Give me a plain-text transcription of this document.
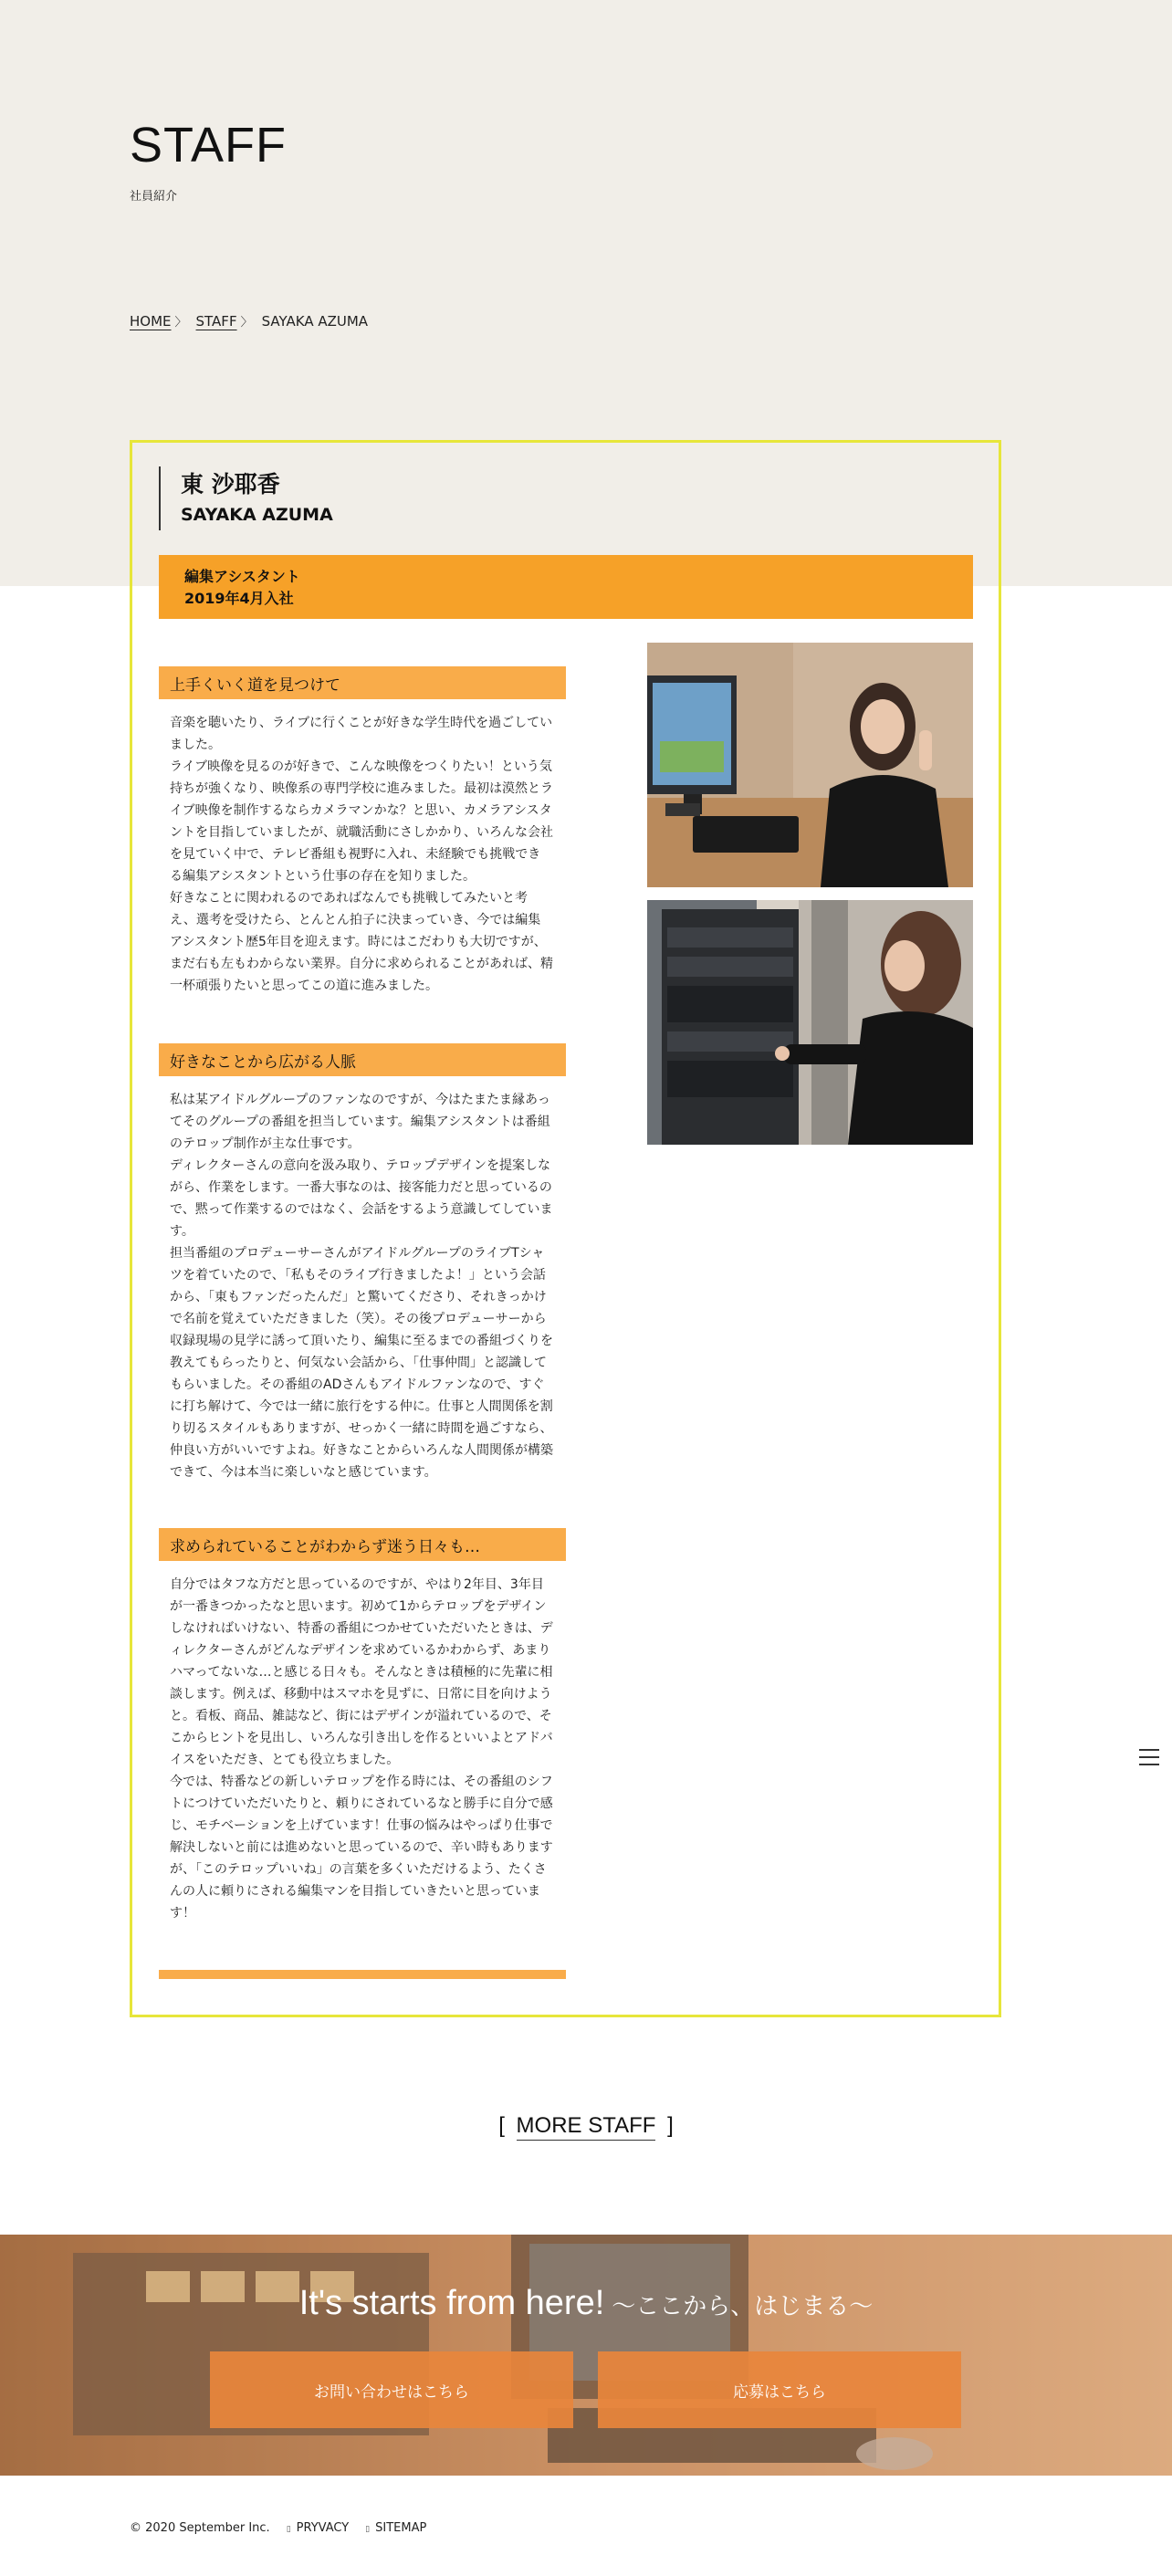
STAFF
社員紹介
HOME 〉 STAFF 〉 SAYAKA AZUMA
東 沙耶香
SAYAKA AZUMA
編集アシスタント
2019年4月入社
上手くいく道を見つけて
音楽を聴いたり、ライブに行くことが好きな学生時代を過ごしていました。
ライブ映像を見るのが好きで、こんな映像をつくりたい！という気持ちが強くなり、映像系の専門学校に進みました。最初は漠然とライブ映像を制作するならカメラマンかな？と思い、カメラアシスタントを目指していましたが、就職活動にさしかかり、いろんな会社を見ていく中で、テレビ番組も視野に入れ、未経験でも挑戦できる編集アシスタントという仕事の存在を知りました。
好きなことに関われるのであればなんでも挑戦してみたいと考え、選考を受けたら、とんとん拍子に決まっていき、今では編集アシスタント歴5年目を迎えます。時にはこだわりも大切ですが、まだ右も左もわからない業界。自分に求められることがあれば、精一杯頑張りたいと思ってこの道に進みました。
好きなことから広がる人脈
私は某アイドルグループのファンなのですが、今はたまたま縁あってそのグループの番組を担当しています。編集アシスタントは番組のテロップ制作が主な仕事です。
ディレクターさんの意向を汲み取り、テロップデザインを提案しながら、作業をします。一番大事なのは、接客能力だと思っているので、黙って作業するのではなく、会話をするよう意識してしています。
担当番組のプロデューサーさんがアイドルグループのライブTシャツを着ていたので、「私もそのライブ行きましたよ！」という会話から、「東もファンだったんだ」と驚いてくださり、それきっかけで名前を覚えていただきました（笑）。その後プロデューサーから収録現場の見学に誘って頂いたり、編集に至るまでの番組づくりを教えてもらったりと、何気ない会話から、「仕事仲間」と認識してもらいました。その番組のADさんもアイドルファンなので、すぐに打ち解けて、今では一緒に旅行をする仲に。仕事と人間関係を割り切るスタイルもありますが、せっかく一緒に時間を過ごすなら、仲良い方がいいですよね。好きなことからいろんな人間関係が構築できて、今は本当に楽しいなと感じています。
求められていることがわからず迷う日々も…
自分ではタフな方だと思っているのですが、やはり2年目、3年目が一番きつかったなと思います。初めて1からテロップをデザインしなければいけない、特番の番組につかせていただいたときは、ディレクターさんがどんなデザインを求めているかわからず、あまりハマってないな…と感じる日々も。そんなときは積極的に先輩に相談します。例えば、移動中はスマホを見ずに、日常に目を向けようと。看板、商品、雑誌など、街にはデザインが溢れているので、そこからヒントを見出し、いろんな引き出しを作るといいよとアドバイスをいただき、とても役立ちました。
今では、特番などの新しいテロップを作る時には、その番組のシフトにつけていただいたりと、頼りにされているなと勝手に自分で感じ、モチベーションを上げています！仕事の悩みはやっぱり仕事で解決しないと前には進めないと思っているので、辛い時もありますが、「このテロップいいね」の言葉を多くいただけるよう、たくさんの人に頼りにされる編集マンを目指していきたいと思っています！
[ MORE STAFF ]
It's starts from here! 〜ここから、はじまる〜
お問い合わせはこちら	応募はこちら
© 2020 September Inc.	▯ PRYVACY	▯ SITEMAP
